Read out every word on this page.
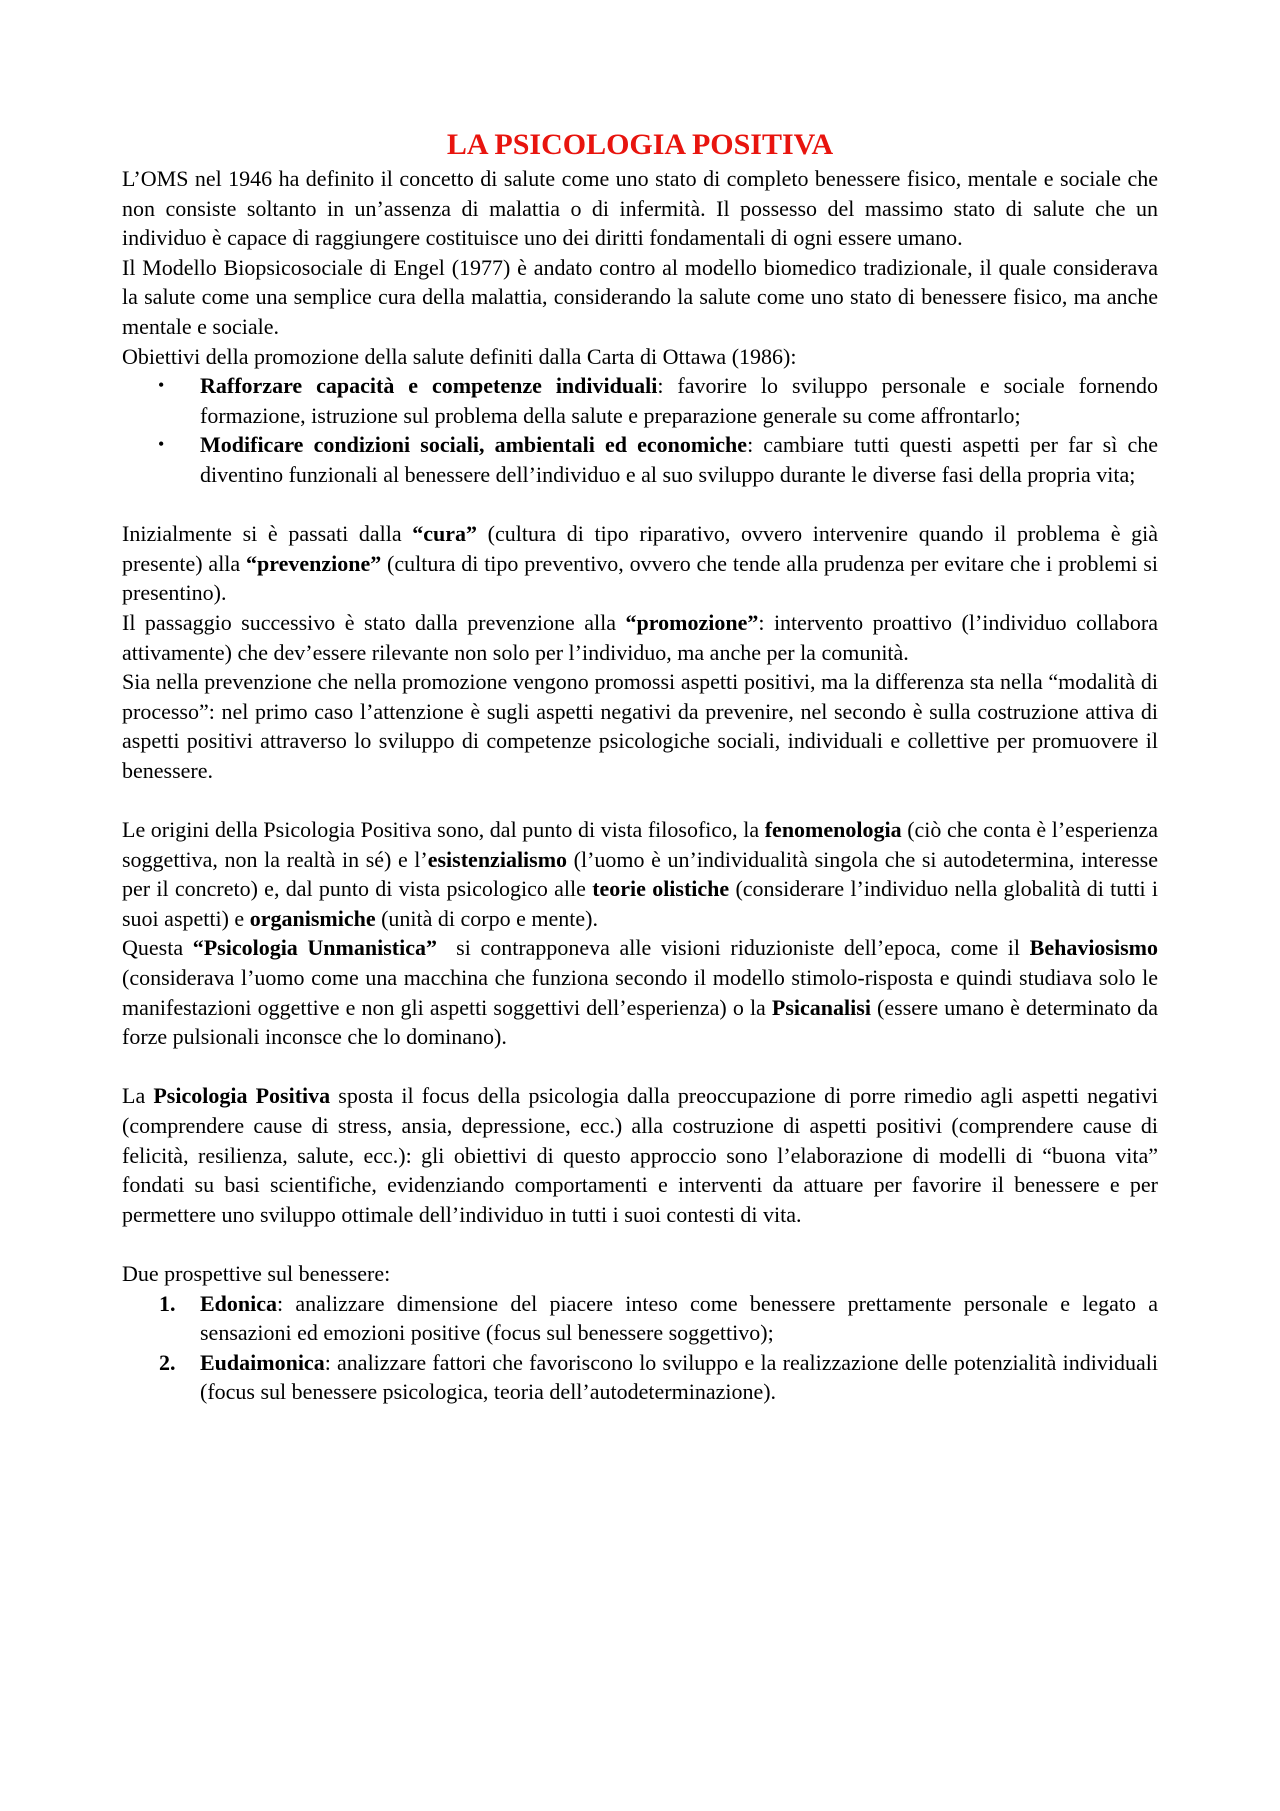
LA PSICOLOGIA POSITIVA

L’OMS nel 1946 ha definito il concetto di salute come uno stato di completo benessere fisico, mentale e sociale che non consiste soltanto in un’assenza di malattia o di infermità. Il possesso del massimo stato di salute che un individuo è capace di raggiungere costituisce uno dei diritti fondamentali di ogni essere umano.

Il Modello Biopsicosociale di Engel (1977) è andato contro al modello biomedico tradizionale, il quale considerava la salute come una semplice cura della malattia, considerando la salute come uno stato di benessere fisico, ma anche mentale e sociale.

Obiettivi della promozione della salute definiti dalla Carta di Ottawa (1986):

• Rafforzare capacità e competenze individuali: favorire lo sviluppo personale e sociale fornendo formazione, istruzione sul problema della salute e preparazione generale su come affrontarlo;
• Modificare condizioni sociali, ambientali ed economiche: cambiare tutti questi aspetti per far sì che diventino funzionali al benessere dell’individuo e al suo sviluppo durante le diverse fasi della propria vita;

Inizialmente si è passati dalla “cura” (cultura di tipo riparativo, ovvero intervenire quando il problema è già presente) alla “prevenzione” (cultura di tipo preventivo, ovvero che tende alla prudenza per evitare che i problemi si presentino).

Il passaggio successivo è stato dalla prevenzione alla “promozione”: intervento proattivo (l’individuo collabora attivamente) che dev’essere rilevante non solo per l’individuo, ma anche per la comunità.

Sia nella prevenzione che nella promozione vengono promossi aspetti positivi, ma la differenza sta nella “modalità di processo”: nel primo caso l’attenzione è sugli aspetti negativi da prevenire, nel secondo è sulla costruzione attiva di aspetti positivi attraverso lo sviluppo di competenze psicologiche sociali, individuali e collettive per promuovere il benessere.

Le origini della Psicologia Positiva sono, dal punto di vista filosofico, la fenomenologia (ciò che conta è l’esperienza soggettiva, non la realtà in sé) e l’esistenzialismo (l’uomo è un’individualità singola che si autodetermina, interesse per il concreto) e, dal punto di vista psicologico alle teorie olistiche (considerare l’individuo nella globalità di tutti i suoi aspetti) e organismiche (unità di corpo e mente).

Questa “Psicologia Unmanistica”  si contrapponeva alle visioni riduzioniste dell’epoca, come il Behaviosismo (considerava l’uomo come una macchina che funziona secondo il modello stimolo-risposta e quindi studiava solo le manifestazioni oggettive e non gli aspetti soggettivi dell’esperienza) o la Psicanalisi (essere umano è determinato da forze pulsionali inconsce che lo dominano).

La Psicologia Positiva sposta il focus della psicologia dalla preoccupazione di porre rimedio agli aspetti negativi (comprendere cause di stress, ansia, depressione, ecc.) alla costruzione di aspetti positivi (comprendere cause di felicità, resilienza, salute, ecc.): gli obiettivi di questo approccio sono l’elaborazione di modelli di “buona vita” fondati su basi scientifiche, evidenziando comportamenti e interventi da attuare per favorire il benessere e per permettere uno sviluppo ottimale dell’individuo in tutti i suoi contesti di vita.

Due prospettive sul benessere:

1. Edonica: analizzare dimensione del piacere inteso come benessere prettamente personale e legato a sensazioni ed emozioni positive (focus sul benessere soggettivo);
2. Eudaimonica: analizzare fattori che favoriscono lo sviluppo e la realizzazione delle potenzialità individuali (focus sul benessere psicologica, teoria dell’autodeterminazione).
